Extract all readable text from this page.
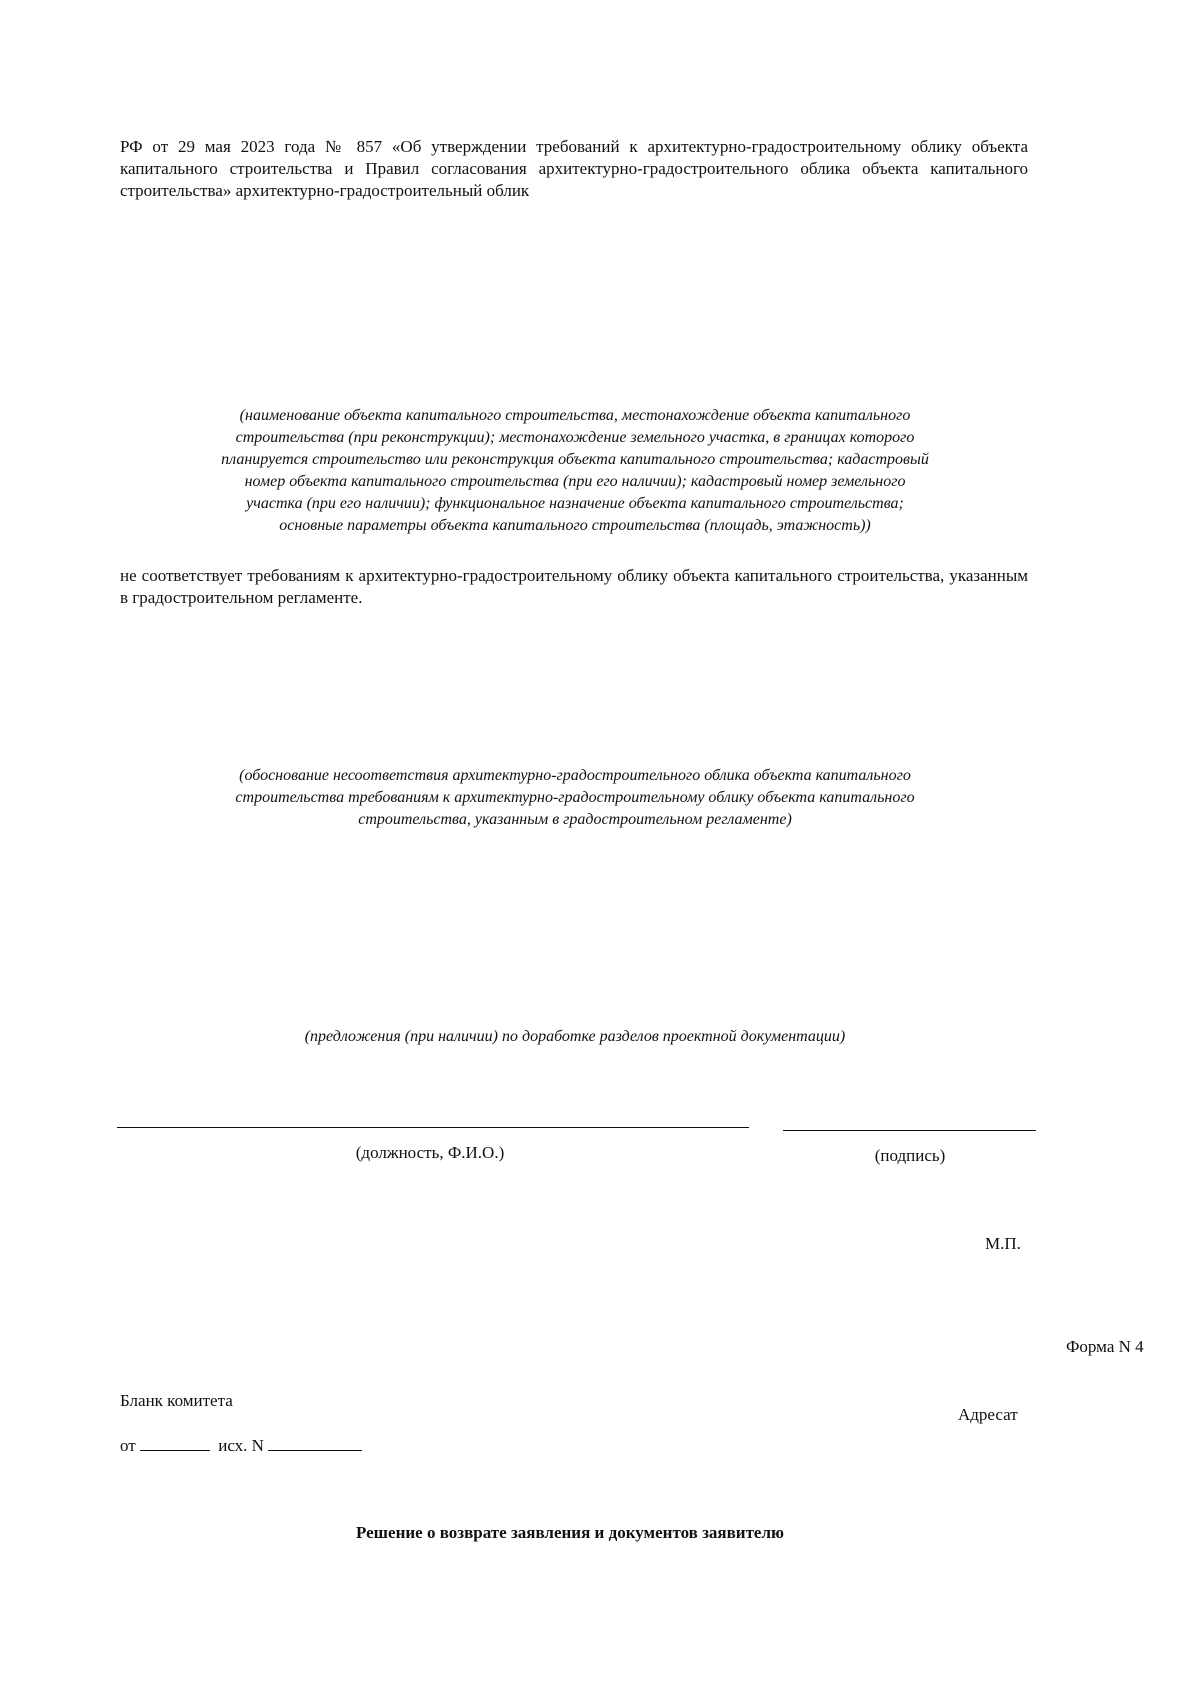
РФ от 29 мая 2023 года № 857 «Об утверждении требований к архитектурно-градостроительному облику объекта капитального строительства и Правил согласования архитектурно-градостроительного облика объекта капитального строительства» архитектурно-градостроительный облик
(наименование объекта капитального строительства, местонахождение объекта капитального
строительства (при реконструкции); местонахождение земельного участка, в границах которого
планируется строительство или реконструкция объекта капитального строительства; кадастровый
номер объекта капитального строительства (при его наличии); кадастровый номер земельного
участка (при его наличии); функциональное назначение объекта капитального строительства;
основные параметры объекта капитального строительства (площадь, этажность))
не соответствует требованиям к архитектурно-градостроительному облику объекта капитального строительства, указанным в градостроительном регламенте.
(обоснование несоответствия архитектурно-градостроительного облика объекта капитального
строительства требованиям к архитектурно-градостроительному облику объекта капитального
строительства, указанным в градостроительном регламенте)
(предложения (при наличии) по доработке разделов проектной документации)
(должность, Ф.И.О.)	(подпись)
М.П.
Форма N 4
Бланк комитета
Адресат
от	исх. N
Решение о возврате заявления и документов заявителю
